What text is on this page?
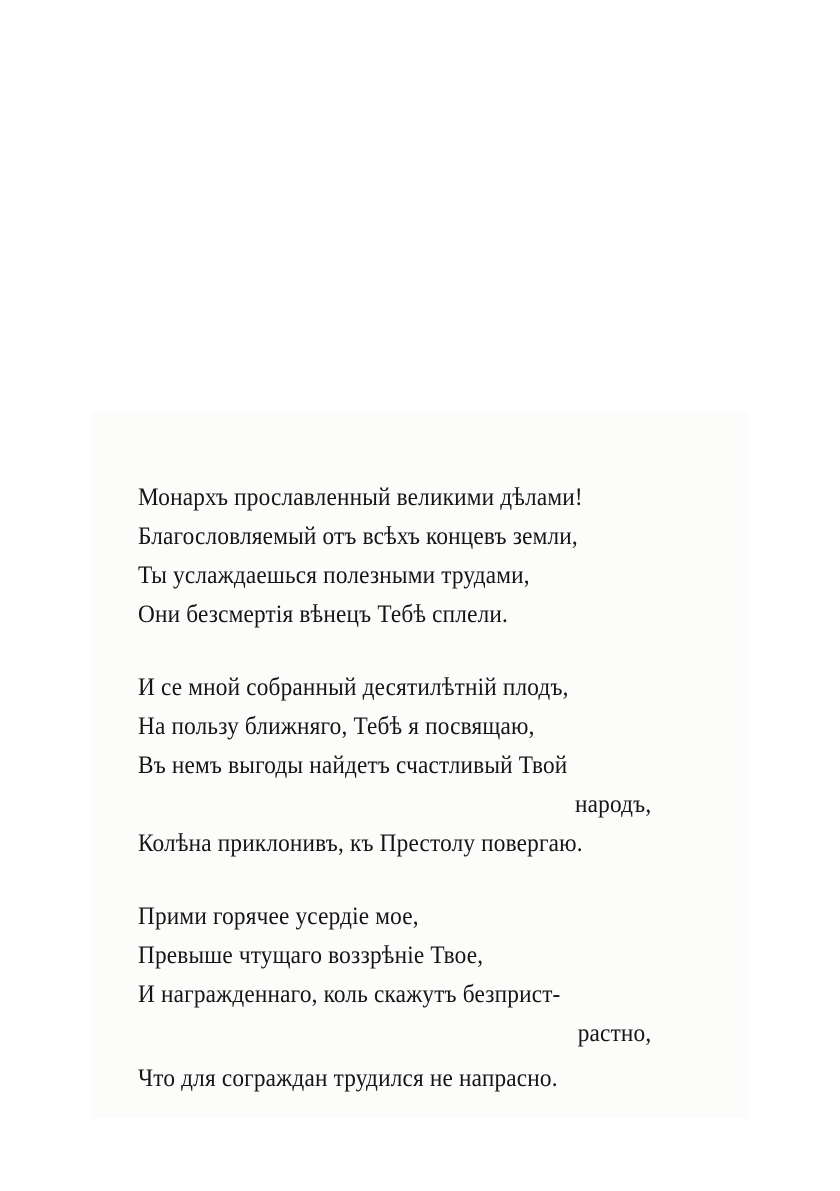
Монархъ прославленный великими дѣлами!
Благословляемый отъ всѣхъ концевъ земли,
Ты услаждаешься полезными трудами,
Они безсмертія вѣнецъ Тебѣ сплели.
И се мной собранный десятилѣтній плодъ,
На пользу ближняго, Тебѣ я посвящаю,
Въ немъ выгоды найдетъ счастливый Твой
народъ,
Колѣна приклонивъ, къ Престолу повергаю.
Прими горячее усердіе мое,
Превыше чтущаго воззрѣніе Твое,
И награжденнаго, коль скажутъ безприст-
растно,
Что для сограждан трудился не напрасно.
